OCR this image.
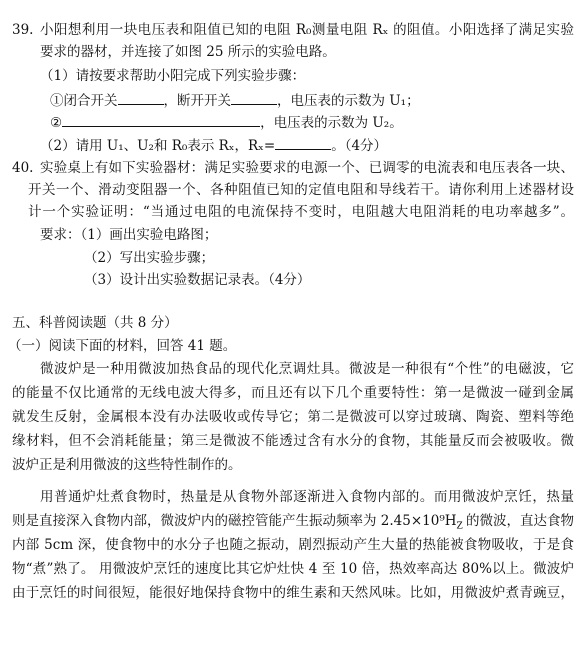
39. 小阳想利用一块电压表和阻值已知的电阻 R₀测量电阻 Rₓ 的阻值。小阳选择了满足实验
要求的器材，并连接了如图 25 所示的实验电路。
（1）请按要求帮助小阳完成下列实验步骤：
①闭合开关	，断开开关	，电压表的示数为 U₁；
②	，电压表的示数为 U₂。
（2）请用 U₁、U₂和 R₀表示 Rₓ，Rₓ=	。（4分）
40. 实验桌上有如下实验器材：满足实验要求的电源一个、已调零的电流表和电压表各一块、
开关一个、滑动变阻器一个、各种阻值已知的定值电阻和导线若干。请你利用上述器材设
计一个实验证明：“当通过电阻的电流保持不变时，电阻越大电阻消耗的电功率越多”。
要求：（1）画出实验电路图；
（2）写出实验步骤；
（3）设计出实验数据记录表。（4分）
五、科普阅读题（共 8 分）
（一）阅读下面的材料，回答 41 题。
微波炉是一种用微波加热食品的现代化烹调灶具。微波是一种很有“个性”的电磁波，它
的能量不仅比通常的无线电波大得多，而且还有以下几个重要特性：第一是微波一碰到金属
就发生反射，金属根本没有办法吸收或传导它；第二是微波可以穿过玻璃、陶瓷、塑料等绝
缘材料，但不会消耗能量；第三是微波不能透过含有水分的食物，其能量反而会被吸收。微
波炉正是利用微波的这些特性制作的。
用普通炉灶煮食物时，热量是从食物外部逐渐进入食物内部的。而用微波炉烹饪，热量
则是直接深入食物内部，微波炉内的磁控管能产生振动频率为 $2.45\times 10^9H_Z$ 的微波，直达食物
内部 5cm 深，使食物中的水分子也随之振动，剧烈振动产生大量的热能被食物吸收，于是食
物“煮”熟了。 用微波炉烹饪的速度比其它炉灶快 4 至 10 倍，热效率高达 80%以上。微波炉
由于烹饪的时间很短，能很好地保持食物中的维生素和天然风味。比如，用微波炉煮青豌豆，
